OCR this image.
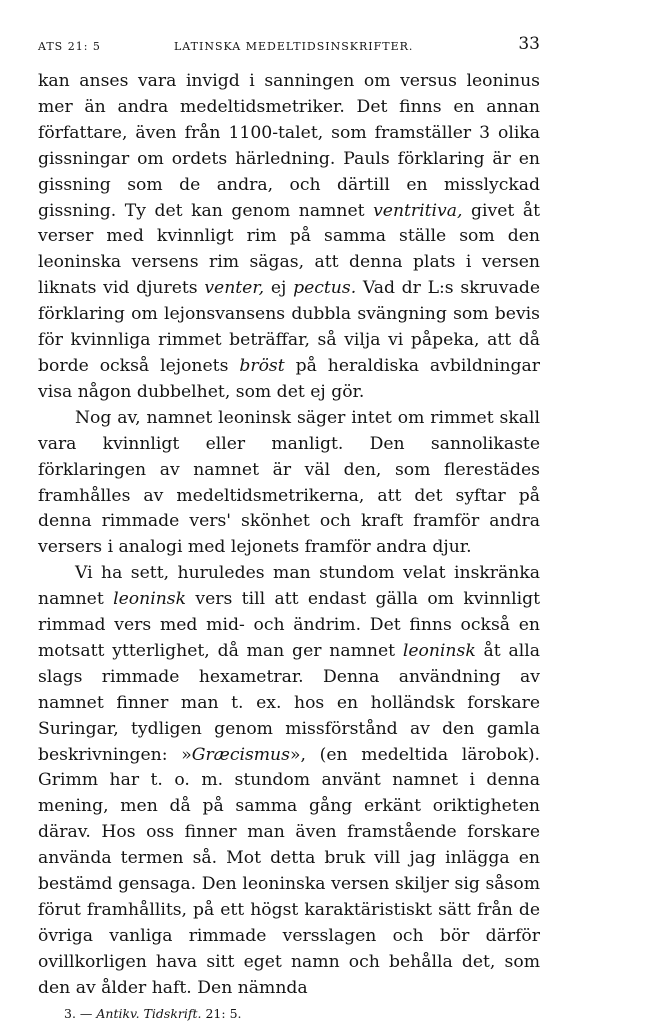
ATS 21: 5	LATINSKA MEDELTIDSINSKRIFTER.	33

kan anses vara invigd i sanningen om versus leoninus mer än andra medeltidsmetriker. Det finns en annan författare, även från 1100-talet, som framställer 3 olika gissningar om ordets härledning. Pauls förklaring är en gissning som de andra, och därtill en misslyckad gissning. Ty det kan genom namnet ventritiva, givet åt verser med kvinnligt rim på samma ställe som den leoninska versens rim sägas, att denna plats i versen liknats vid djurets venter, ej pectus. Vad dr L:s skruvade förklaring om lejonsvansens dubbla svängning som bevis för kvinnliga rimmet beträffar, så vilja vi påpeka, att då borde också lejonets bröst på heraldiska avbildningar visa någon dubbelhet, som det ej gör.

Nog av, namnet leoninsk säger intet om rimmet skall vara kvinnligt eller manligt. Den sannolikaste förklaringen av namnet är väl den, som flerestädes framhålles av medeltidsmetrikerna, att det syftar på denna rimmade vers' skönhet och kraft framför andra versers i analogi med lejonets framför andra djur.

Vi ha sett, huruledes man stundom velat inskränka namnet leoninsk vers till att endast gälla om kvinnligt rimmad vers med mid- och ändrim. Det finns också en motsatt ytterlighet, då man ger namnet leoninsk åt alla slags rimmade hexametrar. Denna användning av namnet finner man t. ex. hos en holländsk forskare Suringar, tydligen genom missförstånd av den gamla beskrivningen: »Græcismus», (en medeltida lärobok). Grimm har t. o. m. stundom använt namnet i denna mening, men då på samma gång erkänt oriktigheten därav. Hos oss finner man även framstående forskare använda termen så. Mot detta bruk vill jag inlägga en bestämd gensaga. Den leoninska versen skiljer sig såsom förut framhållits, på ett högst karaktäristiskt sätt från de övriga vanliga rimmade versslagen och bör därför ovillkorligen hava sitt eget namn och behålla det, som den av ålder haft. Den nämnda

3. — Antikv. Tidskrift. 21: 5.
